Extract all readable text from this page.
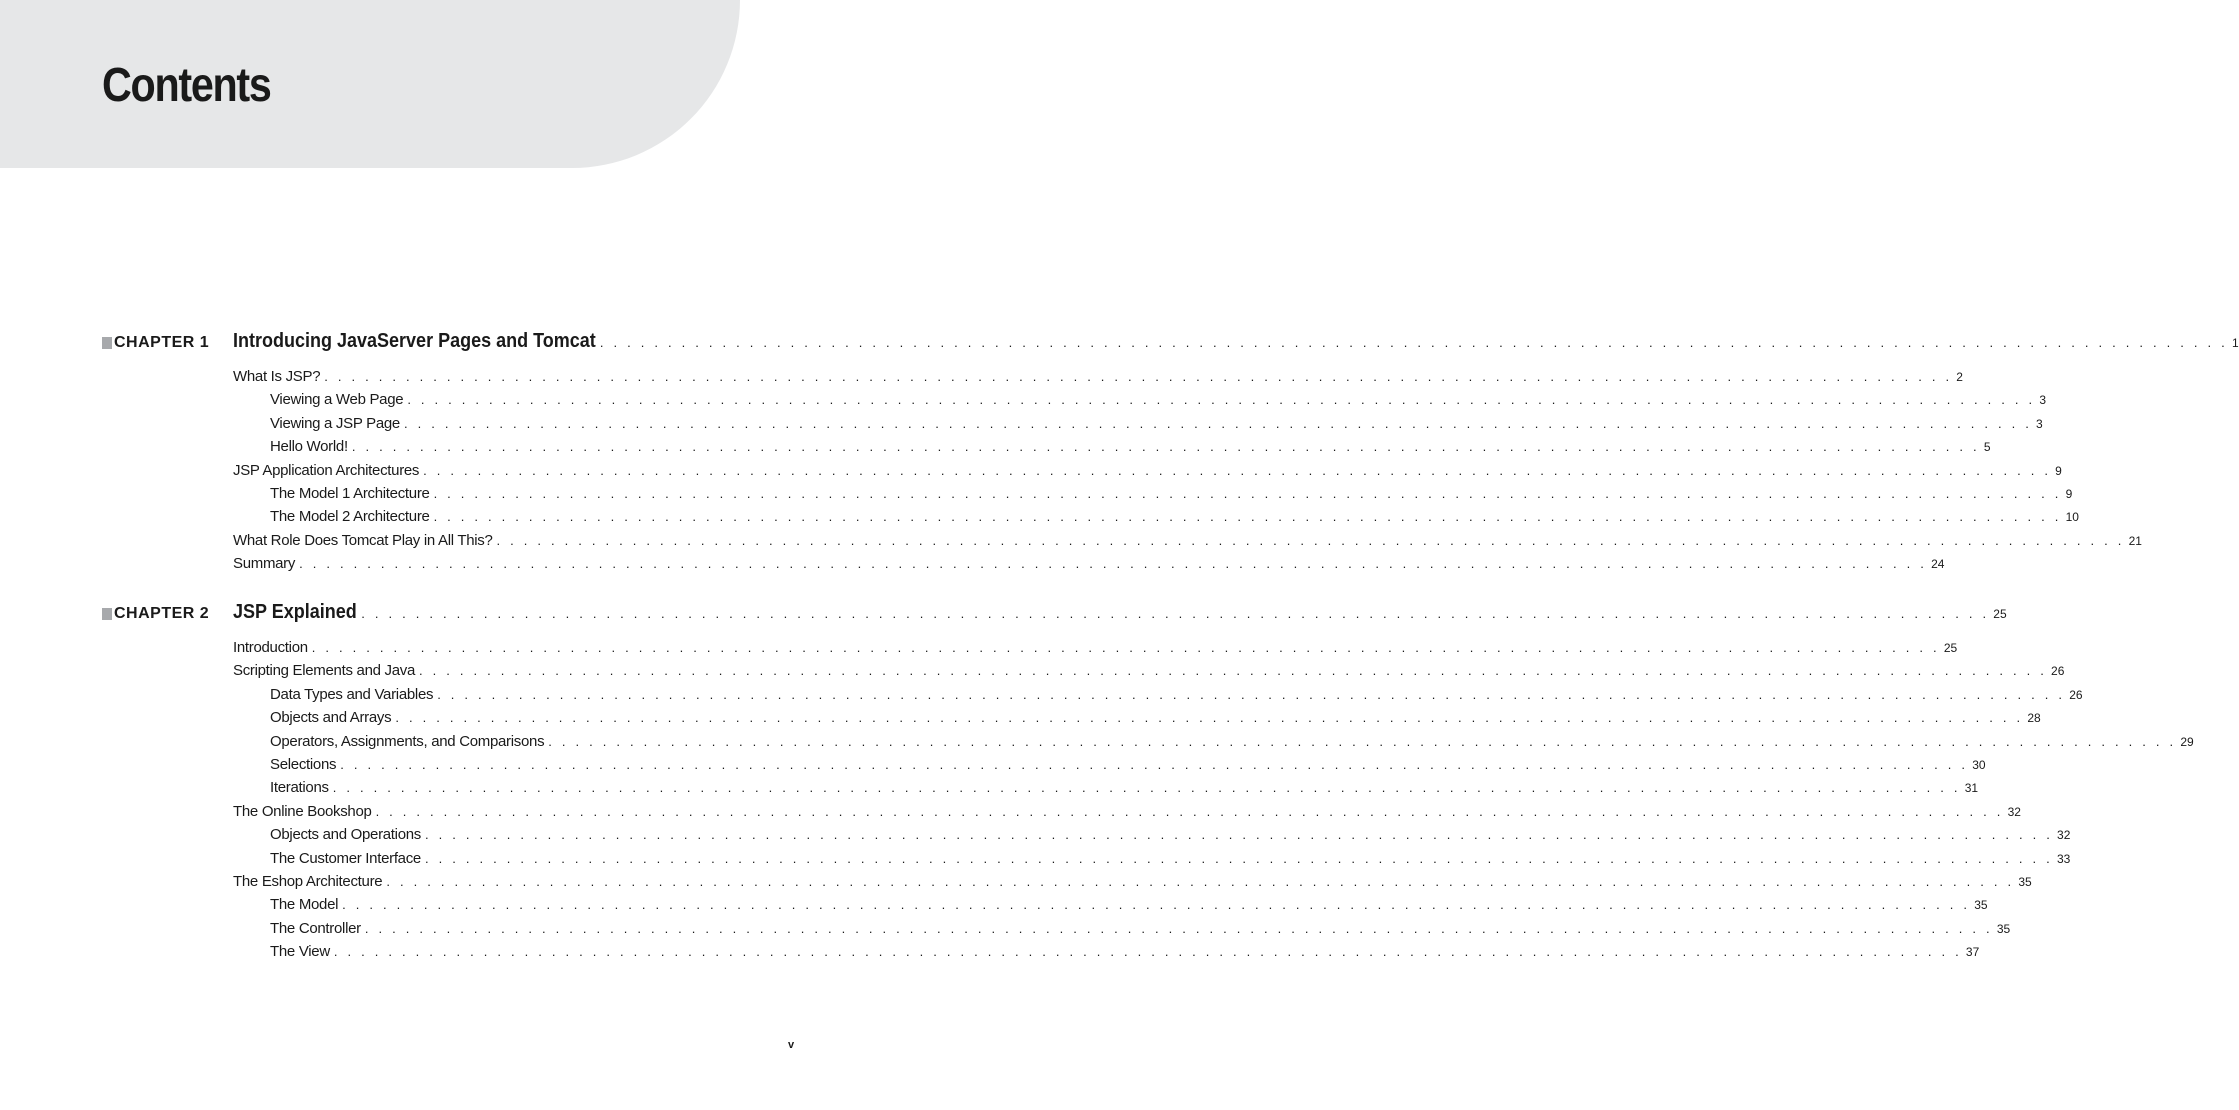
Contents
CHAPTER 1 Introducing JavaServer Pages and Tomcat . . . . . . . . . . . . . . . . . . . . . . . . . . . . . . . . . . . . . . . . . . . . . . . . . . . . . . . . . . . . . . . . . . . . . . . . . . . . . . . . . . . . . . . . . . . . . . . . . . . . . . . . . . . . . . . . . . . . . . . . 1
What Is JSP? . . . . . . . . . . . . . . . . . . . . . . . . . . . . . . . . . . . . . . . . . . . . . . . . . . . . . . . . . . . . . . . . . . . . . . . . . . . . . . . . . . . . . . . . . . . . . . . . . . . . . . . . . . . . . . . . . . . . . . . . 2
Viewing a Web Page . . . . . . . . . . . . . . . . . . . . . . . . . . . . . . . . . . . . . . . . . . . . . . . . . . . . . . . . . . . . . . . . . . . . . . . . . . . . . . . . . . . . . . . . . . . . . . . . . . . . . . . . . . . . . . . . . . . . . . . . 3
Viewing a JSP Page . . . . . . . . . . . . . . . . . . . . . . . . . . . . . . . . . . . . . . . . . . . . . . . . . . . . . . . . . . . . . . . . . . . . . . . . . . . . . . . . . . . . . . . . . . . . . . . . . . . . . . . . . . . . . . . . . . . . . . . . 3
Hello World! . . . . . . . . . . . . . . . . . . . . . . . . . . . . . . . . . . . . . . . . . . . . . . . . . . . . . . . . . . . . . . . . . . . . . . . . . . . . . . . . . . . . . . . . . . . . . . . . . . . . . . . . . . . . . . . . . . . . . . . . 5
JSP Application Architectures . . . . . . . . . . . . . . . . . . . . . . . . . . . . . . . . . . . . . . . . . . . . . . . . . . . . . . . . . . . . . . . . . . . . . . . . . . . . . . . . . . . . . . . . . . . . . . . . . . . . . . . . . . . . . . . . . . . . . . . . 9
The Model 1 Architecture . . . . . . . . . . . . . . . . . . . . . . . . . . . . . . . . . . . . . . . . . . . . . . . . . . . . . . . . . . . . . . . . . . . . . . . . . . . . . . . . . . . . . . . . . . . . . . . . . . . . . . . . . . . . . . . . . . . . . . . . 9
The Model 2 Architecture . . . . . . . . . . . . . . . . . . . . . . . . . . . . . . . . . . . . . . . . . . . . . . . . . . . . . . . . . . . . . . . . . . . . . . . . . . . . . . . . . . . . . . . . . . . . . . . . . . . . . . . . . . . . . . . . . . . . . . . . 10
What Role Does Tomcat Play in All This? . . . . . . . . . . . . . . . . . . . . . . . . . . . . . . . . . . . . . . . . . . . . . . . . . . . . . . . . . . . . . . . . . . . . . . . . . . . . . . . . . . . . . . . . . . . . . . . . . . . . . . . . . . . . . . . . . . . . . . . . 21
Summary . . . . . . . . . . . . . . . . . . . . . . . . . . . . . . . . . . . . . . . . . . . . . . . . . . . . . . . . . . . . . . . . . . . . . . . . . . . . . . . . . . . . . . . . . . . . . . . . . . . . . . . . . . . . . . . . . . . . . . . . 24
CHAPTER 2 JSP Explained . . . . . . . . . . . . . . . . . . . . . . . . . . . . . . . . . . . . . . . . . . . . . . . . . . . . . . . . . . . . . . . . . . . . . . . . . . . . . . . . . . . . . . . . . . . . . . . . . . . . . . . . . . . . . . . . . . . . . . . . 25
Introduction . . . . . . . . . . . . . . . . . . . . . . . . . . . . . . . . . . . . . . . . . . . . . . . . . . . . . . . . . . . . . . . . . . . . . . . . . . . . . . . . . . . . . . . . . . . . . . . . . . . . . . . . . . . . . . . . . . . . . . . . 25
Scripting Elements and Java . . . . . . . . . . . . . . . . . . . . . . . . . . . . . . . . . . . . . . . . . . . . . . . . . . . . . . . . . . . . . . . . . . . . . . . . . . . . . . . . . . . . . . . . . . . . . . . . . . . . . . . . . . . . . . . . . . . . . . . . 26
Data Types and Variables . . . . . . . . . . . . . . . . . . . . . . . . . . . . . . . . . . . . . . . . . . . . . . . . . . . . . . . . . . . . . . . . . . . . . . . . . . . . . . . . . . . . . . . . . . . . . . . . . . . . . . . . . . . . . . . . . . . . . . . . 26
Objects and Arrays . . . . . . . . . . . . . . . . . . . . . . . . . . . . . . . . . . . . . . . . . . . . . . . . . . . . . . . . . . . . . . . . . . . . . . . . . . . . . . . . . . . . . . . . . . . . . . . . . . . . . . . . . . . . . . . . . . . . . . . . 28
Operators, Assignments, and Comparisons . . . . . . . . . . . . . . . . . . . . . . . . . . . . . . . . . . . . . . . . . . . . . . . . . . . . . . . . . . . . . . . . . . . . . . . . . . . . . . . . . . . . . . . . . . . . . . . . . . . . . . . . . . . . . . . . . . . . . . . . 29
Selections . . . . . . . . . . . . . . . . . . . . . . . . . . . . . . . . . . . . . . . . . . . . . . . . . . . . . . . . . . . . . . . . . . . . . . . . . . . . . . . . . . . . . . . . . . . . . . . . . . . . . . . . . . . . . . . . . . . . . . . . 30
Iterations . . . . . . . . . . . . . . . . . . . . . . . . . . . . . . . . . . . . . . . . . . . . . . . . . . . . . . . . . . . . . . . . . . . . . . . . . . . . . . . . . . . . . . . . . . . . . . . . . . . . . . . . . . . . . . . . . . . . . . . . 31
The Online Bookshop . . . . . . . . . . . . . . . . . . . . . . . . . . . . . . . . . . . . . . . . . . . . . . . . . . . . . . . . . . . . . . . . . . . . . . . . . . . . . . . . . . . . . . . . . . . . . . . . . . . . . . . . . . . . . . . . . . . . . . . . 32
Objects and Operations . . . . . . . . . . . . . . . . . . . . . . . . . . . . . . . . . . . . . . . . . . . . . . . . . . . . . . . . . . . . . . . . . . . . . . . . . . . . . . . . . . . . . . . . . . . . . . . . . . . . . . . . . . . . . . . . . . . . . . . . 32
The Customer Interface . . . . . . . . . . . . . . . . . . . . . . . . . . . . . . . . . . . . . . . . . . . . . . . . . . . . . . . . . . . . . . . . . . . . . . . . . . . . . . . . . . . . . . . . . . . . . . . . . . . . . . . . . . . . . . . . . . . . . . . . 33
The Eshop Architecture . . . . . . . . . . . . . . . . . . . . . . . . . . . . . . . . . . . . . . . . . . . . . . . . . . . . . . . . . . . . . . . . . . . . . . . . . . . . . . . . . . . . . . . . . . . . . . . . . . . . . . . . . . . . . . . . . . . . . . . . 35
The Model . . . . . . . . . . . . . . . . . . . . . . . . . . . . . . . . . . . . . . . . . . . . . . . . . . . . . . . . . . . . . . . . . . . . . . . . . . . . . . . . . . . . . . . . . . . . . . . . . . . . . . . . . . . . . . . . . . . . . . . . 35
The Controller . . . . . . . . . . . . . . . . . . . . . . . . . . . . . . . . . . . . . . . . . . . . . . . . . . . . . . . . . . . . . . . . . . . . . . . . . . . . . . . . . . . . . . . . . . . . . . . . . . . . . . . . . . . . . . . . . . . . . . . . 35
The View . . . . . . . . . . . . . . . . . . . . . . . . . . . . . . . . . . . . . . . . . . . . . . . . . . . . . . . . . . . . . . . . . . . . . . . . . . . . . . . . . . . . . . . . . . . . . . . . . . . . . . . . . . . . . . . . . . . . . . . . 37
v
